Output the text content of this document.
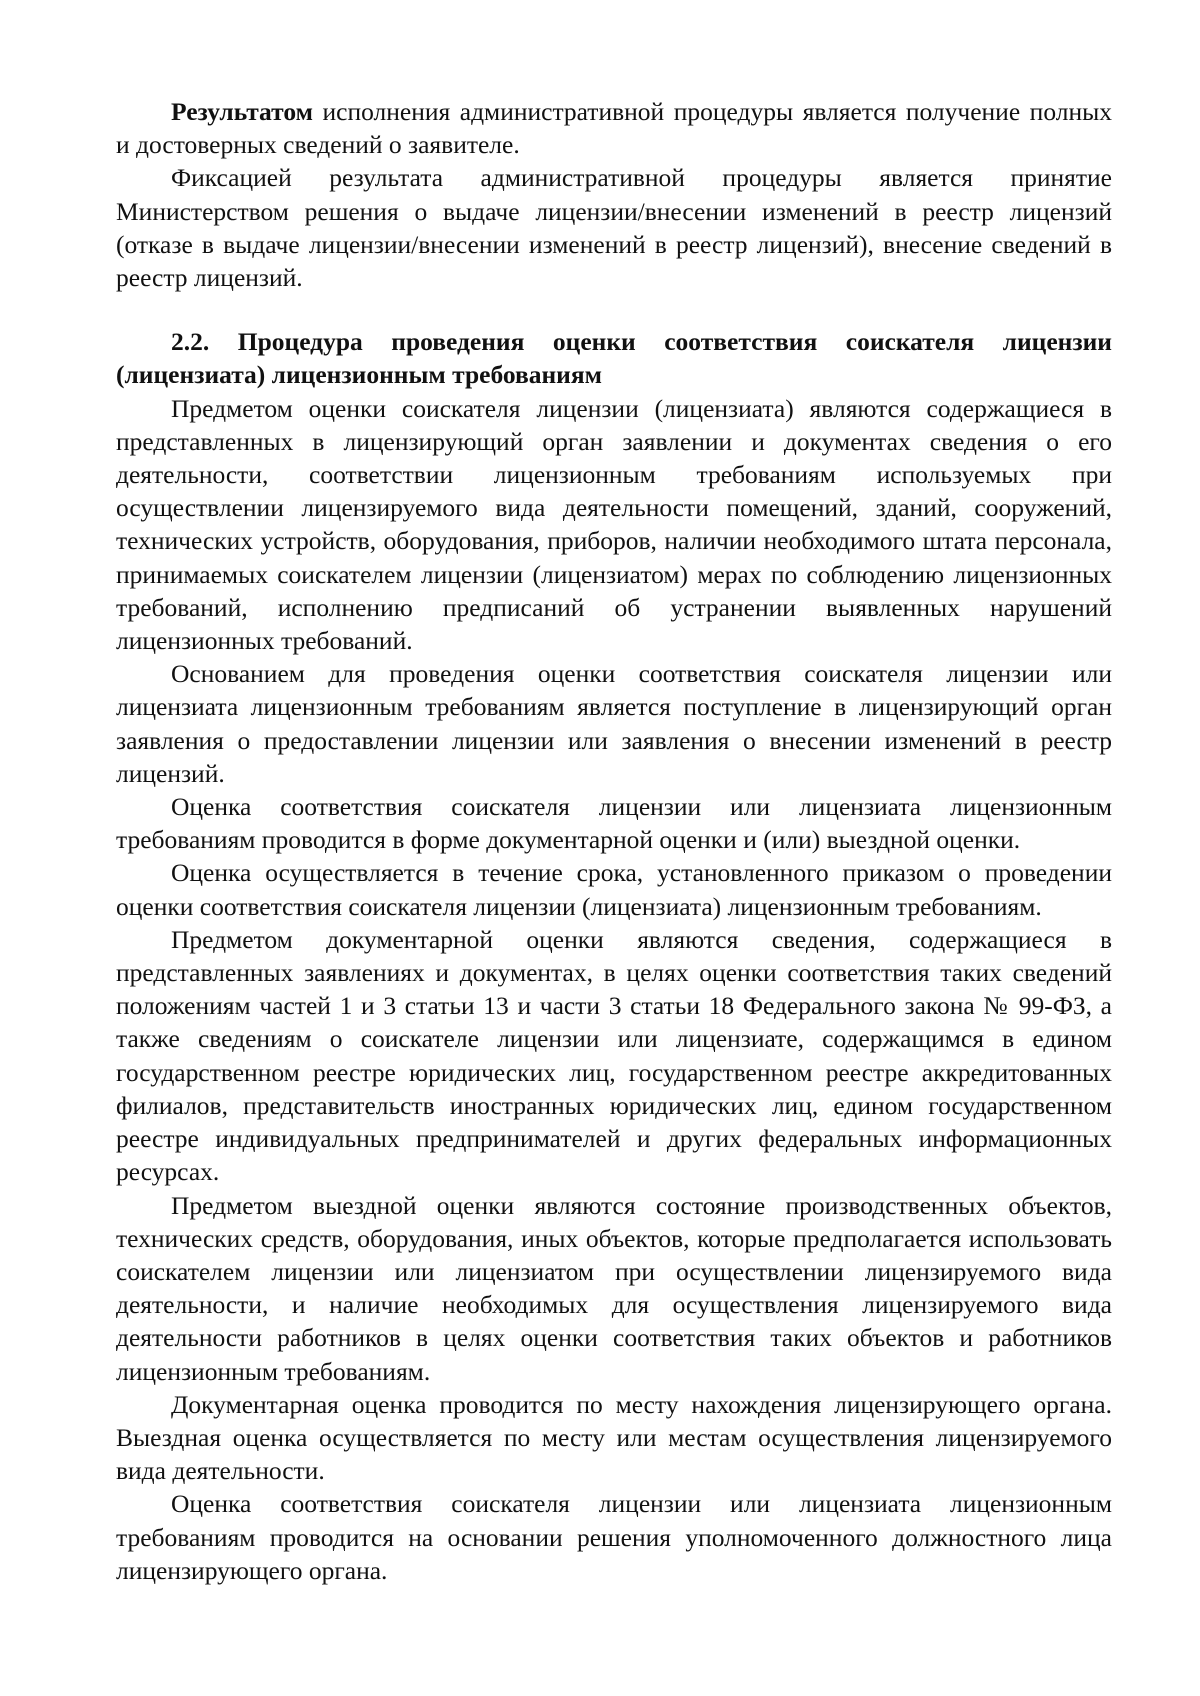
Результатом исполнения административной процедуры является получение полных и достоверных сведений о заявителе.

Фиксацией результата административной процедуры является принятие Министерством решения о выдаче лицензии/внесении изменений в реестр лицензий (отказе в выдаче лицензии/внесении изменений в реестр лицензий), внесение сведений в реестр лицензий.

2.2. Процедура проведения оценки соответствия соискателя лицензии (лицензиата) лицензионным требованиям

Предметом оценки соискателя лицензии (лицензиата) являются содержащиеся в представленных в лицензирующий орган заявлении и документах сведения о его деятельности, соответствии лицензионным требованиям используемых при осуществлении лицензируемого вида деятельности помещений, зданий, сооружений, технических устройств, оборудования, приборов, наличии необходимого штата персонала, принимаемых соискателем лицензии (лицензиатом) мерах по соблюдению лицензионных требований, исполнению предписаний об устранении выявленных нарушений лицензионных требований.

Основанием для проведения оценки соответствия соискателя лицензии или лицензиата лицензионным требованиям является поступление в лицензирующий орган заявления о предоставлении лицензии или заявления о внесении изменений в реестр лицензий.

Оценка соответствия соискателя лицензии или лицензиата лицензионным требованиям проводится в форме документарной оценки и (или) выездной оценки.

Оценка осуществляется в течение срока, установленного приказом о проведении оценки соответствия соискателя лицензии (лицензиата) лицензионным требованиям.

Предметом документарной оценки являются сведения, содержащиеся в представленных заявлениях и документах, в целях оценки соответствия таких сведений положениям частей 1 и 3 статьи 13 и части 3 статьи 18 Федерального закона № 99-ФЗ, а также сведениям о соискателе лицензии или лицензиате, содержащимся в едином государственном реестре юридических лиц, государственном реестре аккредитованных филиалов, представительств иностранных юридических лиц, едином государственном реестре индивидуальных предпринимателей и других федеральных информационных ресурсах.

Предметом выездной оценки являются состояние производственных объектов, технических средств, оборудования, иных объектов, которые предполагается использовать соискателем лицензии или лицензиатом при осуществлении лицензируемого вида деятельности, и наличие необходимых для осуществления лицензируемого вида деятельности работников в целях оценки соответствия таких объектов и работников лицензионным требованиям.

Документарная оценка проводится по месту нахождения лицензирующего органа. Выездная оценка осуществляется по месту или местам осуществления лицензируемого вида деятельности.

Оценка соответствия соискателя лицензии или лицензиата лицензионным требованиям проводится на основании решения уполномоченного должностного лица лицензирующего органа.
